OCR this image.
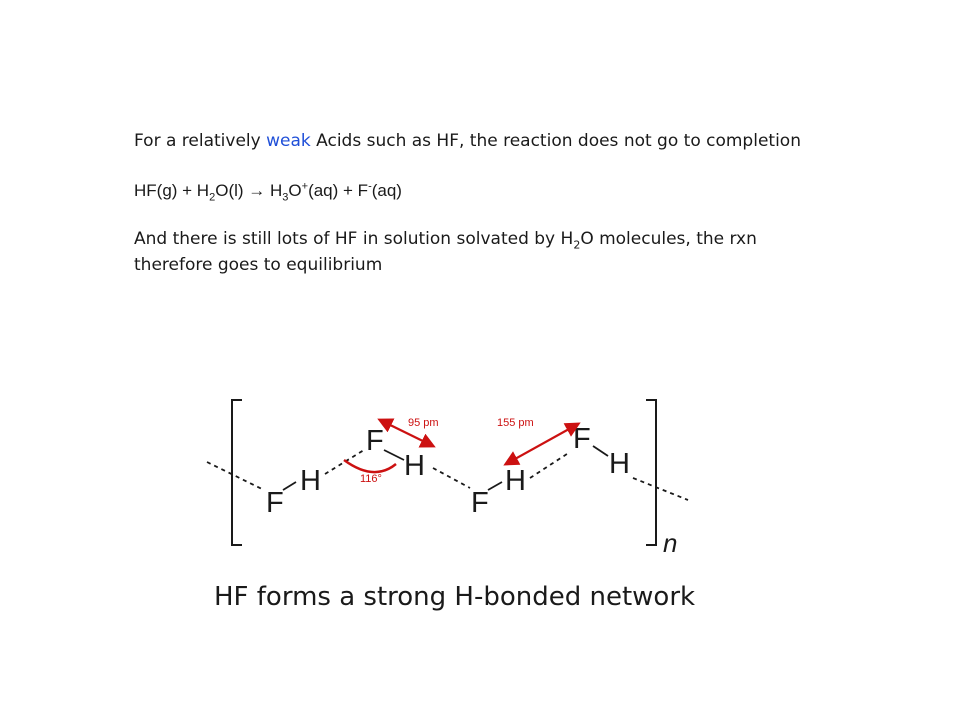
For a relatively weak Acids such as HF, the reaction does not go to completion

$HF(g) + H_2O(l) \to H_3O^+(aq) + F^-(aq)$

And there is still lots of HF in solution solvated by $H_2O$ molecules, the rxn therefore goes to equilibrium

F
H
F
H
F
H
F
H
95 pm	155 pm
116°
n
HF forms a strong H-bonded network
